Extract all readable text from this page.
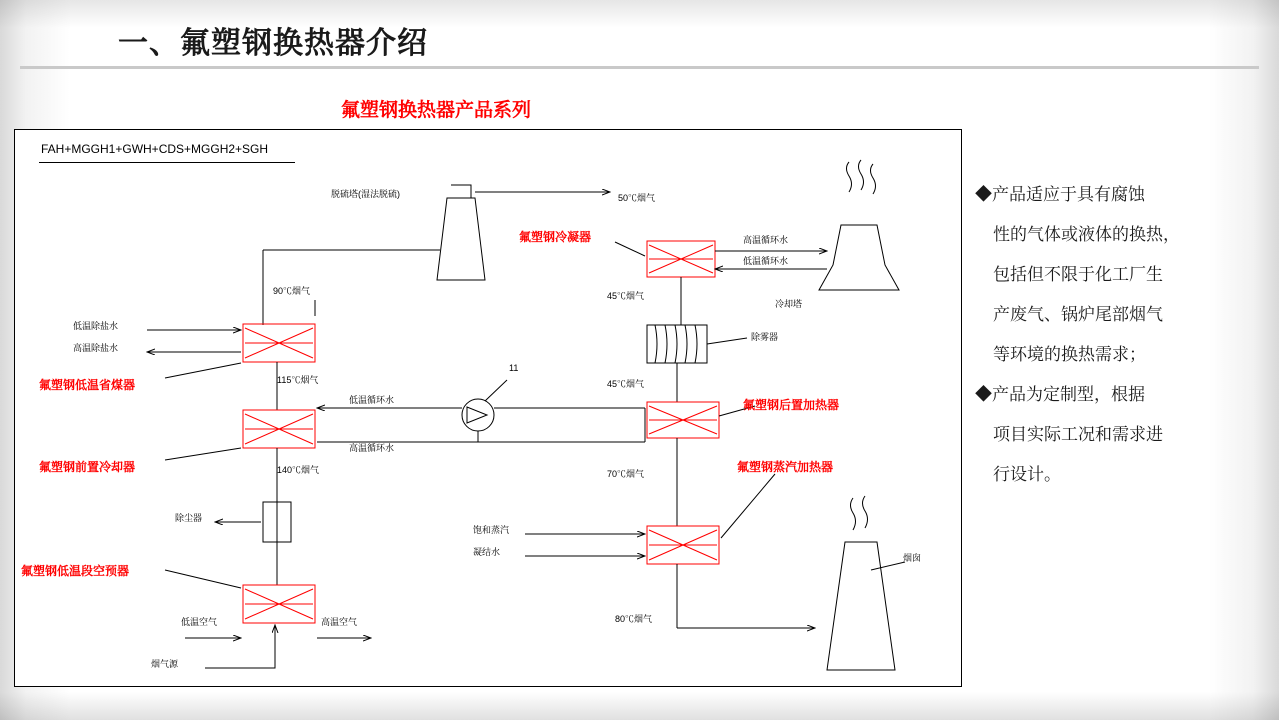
一、氟塑钢换热器介绍
氟塑钢换热器产品系列
FAH+MGGH1+GWH+CDS+MGGH2+SGH
脱硫塔(湿法脱硫)	50℃烟气
高温循环水
低温循环水
冷却塔
90℃烟气	45℃烟气
除雾器
低温除盐水
高温除盐水
115℃烟气
11
低温循环水
45℃烟气
高温循环水
140℃烟气	70℃烟气
除尘器
饱和蒸汽
凝结水
低温空气	高温空气
烟气源
80℃烟气
烟囱
氟塑钢冷凝器
氟塑钢低温省煤器
氟塑钢前置冷却器
氟塑钢低温段空预器
氟塑钢后置加热器
氟塑钢蒸汽加热器

◆产品适应于具有腐蚀

性的气体或液体的换热，

包括但不限于化工厂生

产废气、锅炉尾部烟气

等环境的换热需求；

◆产品为定制型，根据

项目实际工况和需求进

行设计。
